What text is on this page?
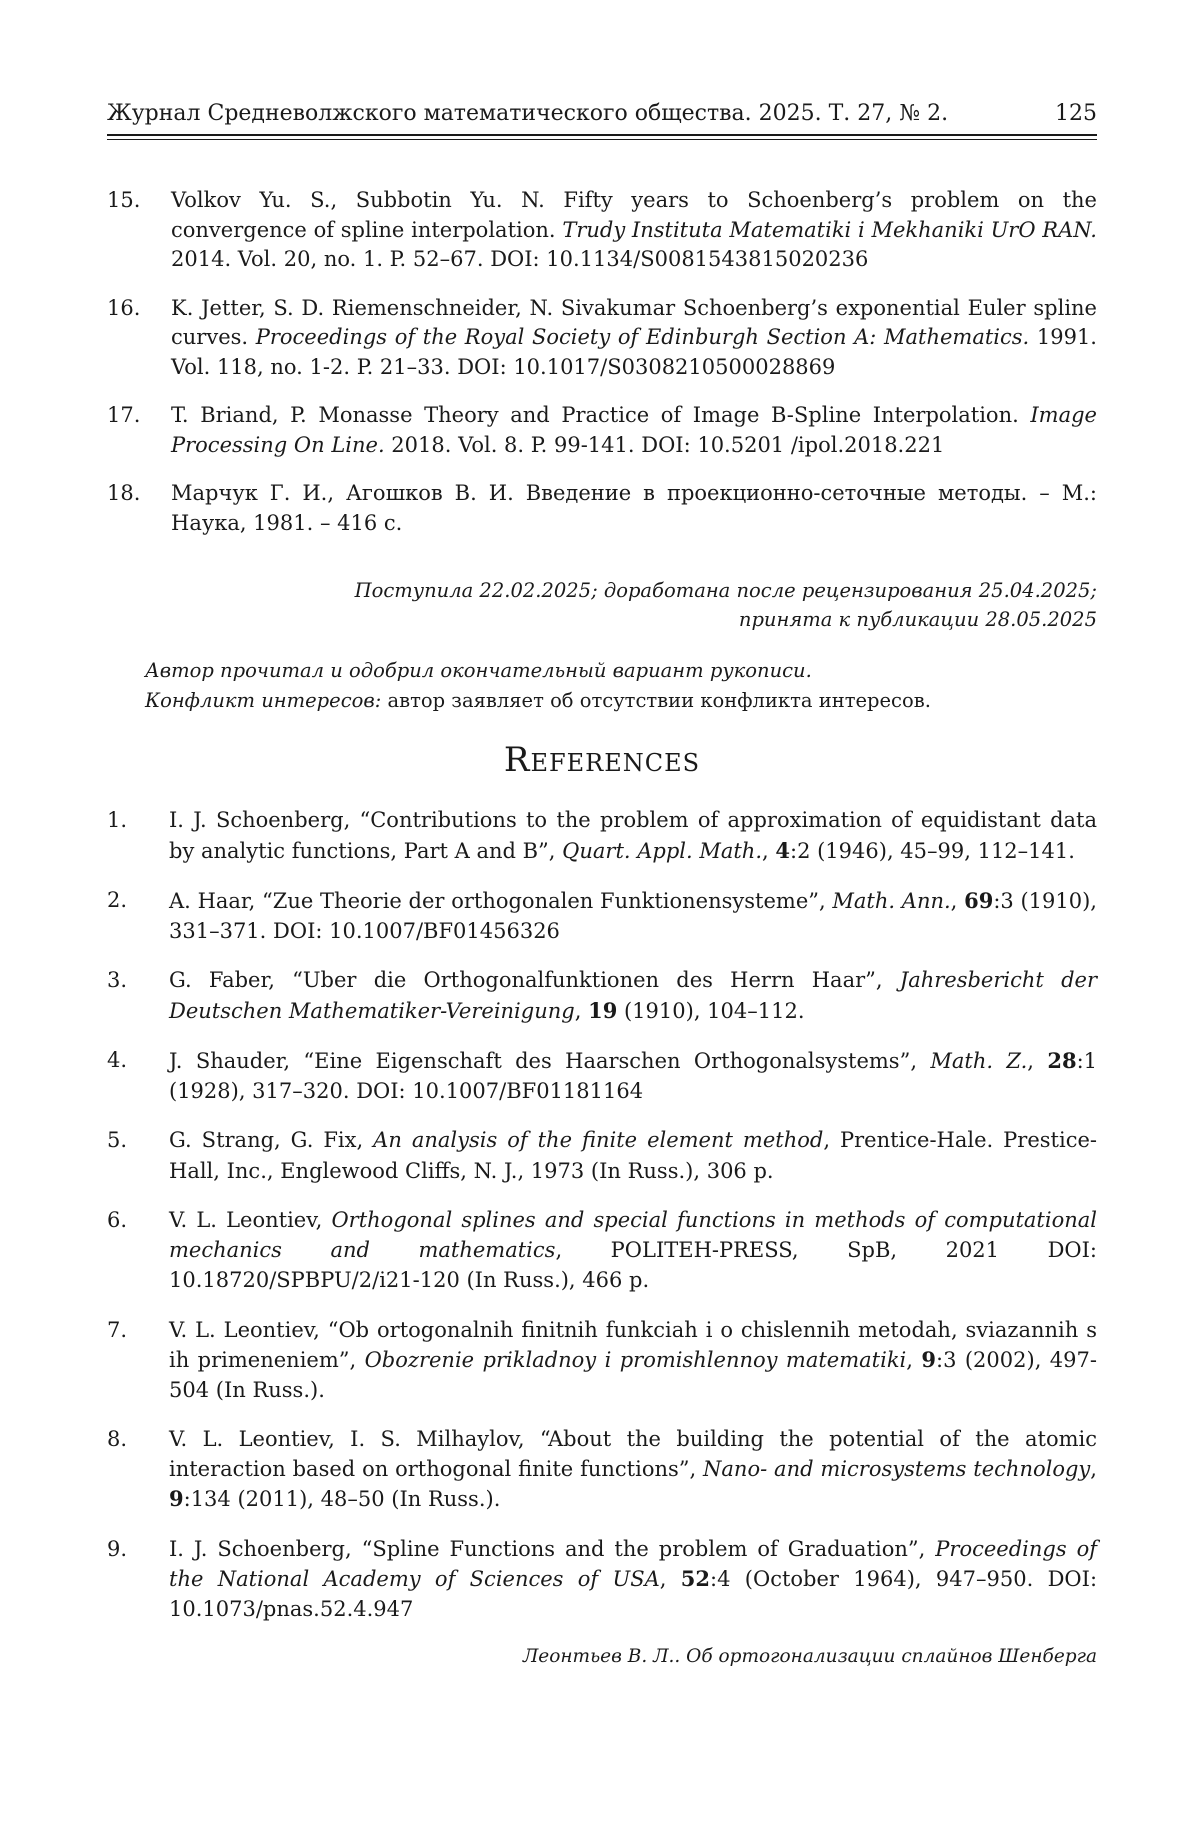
Журнал Средневолжского математического общества. 2025. Т. 27, № 2.	125
15.	Volkov Yu. S., Subbotin Yu. N. Fifty years to Schoenberg’s problem on the convergence of spline interpolation. Trudy Instituta Matematiki i Mekhaniki UrO RAN. 2014. Vol. 20, no. 1. P. 52–67. DOI: 10.1134/S0081543815020236
16.	K. Jetter, S. D. Riemenschneider, N. Sivakumar Schoenberg’s exponential Euler spline curves. Proceedings of the Royal Society of Edinburgh Section A: Mathematics. 1991. Vol. 118, no. 1-2. P. 21–33. DOI: 10.1017/S0308210500028869
17.	T. Briand, P. Monasse Theory and Practice of Image B-Spline Interpolation. Image Processing On Line. 2018. Vol. 8. P. 99-141. DOI: 10.5201 /ipol.2018.221
18.	Марчук Г. И., Агошков В. И. Введение в проекционно-сеточные методы. – М.: Наука, 1981. – 416 с.
Поступила 22.02.2025; доработана после рецензирования 25.04.2025;
принята к публикации 28.05.2025
Автор прочитал и одобрил окончательный вариант рукописи.
Конфликт интересов: автор заявляет об отсутствии конфликта интересов.
References
1.	I. J. Schoenberg, “Contributions to the problem of approximation of equidistant data by analytic functions, Part A and B”, Quart. Appl. Math., 4:2 (1946), 45–99, 112–141.
2.	A. Haar, “Zue Theorie der orthogonalen Funktionensysteme”, Math. Ann., 69:3 (1910), 331–371. DOI: 10.1007/BF01456326
3.	G. Faber, “Uber die Orthogonalfunktionen des Herrn Haar”, Jahresbericht der Deutschen Mathematiker-Vereinigung, 19 (1910), 104–112.
4.	J. Shauder, “Eine Eigenschaft des Haarschen Orthogonalsystems”, Math. Z., 28:1 (1928), 317–320. DOI: 10.1007/BF01181164
5.	G. Strang, G. Fix, An analysis of the finite element method, Prentice-Hale. Prestice-Hall, Inc., Englewood Cliffs, N. J., 1973 (In Russ.), 306 p.
6.	V. L. Leontiev, Orthogonal splines and special functions in methods of computational mechanics and mathematics, POLITEH-PRESS, SpB, 2021 DOI: 10.18720/SPBPU/2/i21-120 (In Russ.), 466 p.
7.	V. L. Leontiev, “Ob ortogonalnih finitnih funkciah i o chislennih metodah, sviazannih s ih primeneniem”, Obozrenie prikladnoy i promishlennoy matematiki, 9:3 (2002), 497-504 (In Russ.).
8.	V. L. Leontiev, I. S. Milhaylov, “About the building the potential of the atomic interaction based on orthogonal finite functions”, Nano- and microsystems technology, 9:134 (2011), 48–50 (In Russ.).
9.	I. J. Schoenberg, “Spline Functions and the problem of Graduation”, Proceedings of the National Academy of Sciences of USA, 52:4 (October 1964), 947–950. DOI: 10.1073/pnas.52.4.947
Леонтьев В. Л.. Об ортогонализации сплайнов Шенберга
